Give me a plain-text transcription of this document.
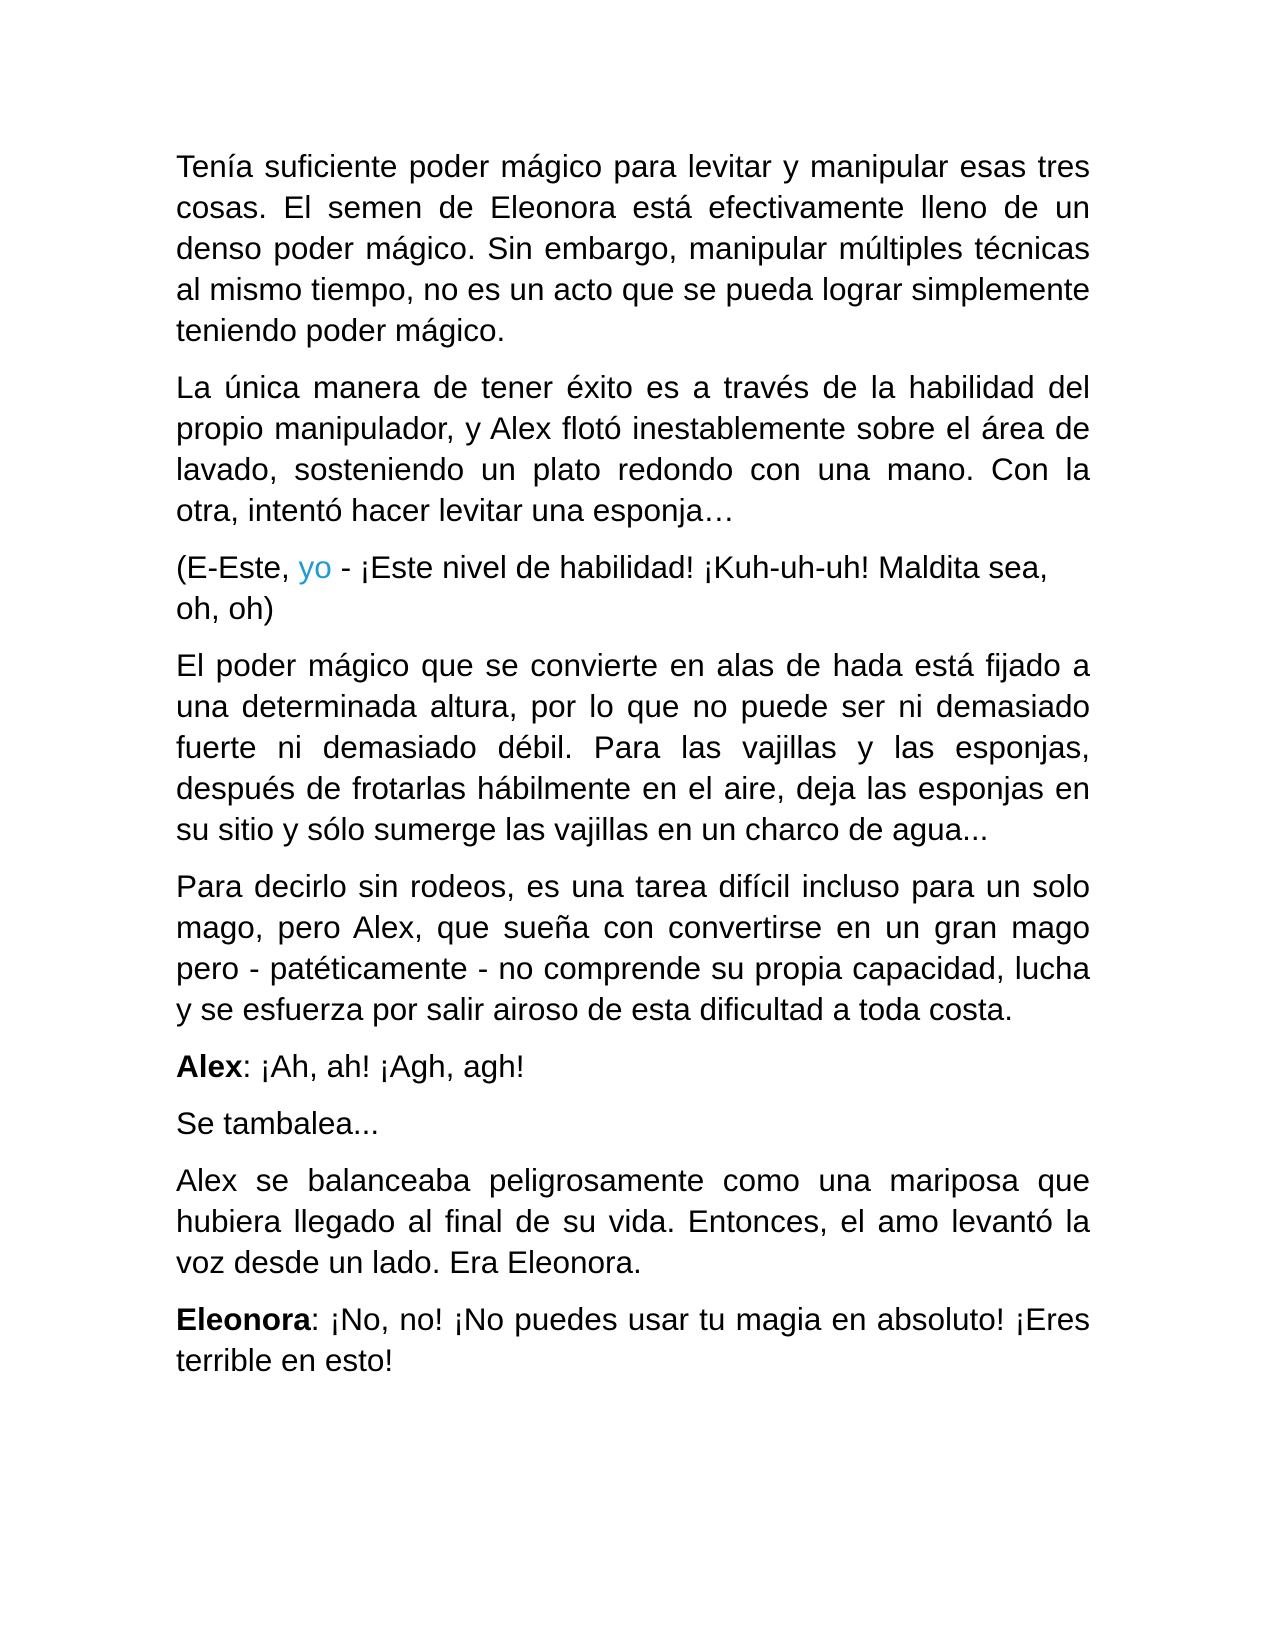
Tenía suficiente poder mágico para levitar y manipular esas tres cosas. El semen de Eleonora está efectivamente lleno de un denso poder mágico. Sin embargo, manipular múltiples técnicas al mismo tiempo, no es un acto que se pueda lograr simplemente teniendo poder mágico.

La única manera de tener éxito es a través de la habilidad del propio manipulador, y Alex flotó inestablemente sobre el área de lavado, sosteniendo un plato redondo con una mano. Con la otra, intentó hacer levitar una esponja…

(E-Este, yo - ¡Este nivel de habilidad! ¡Kuh-uh-uh! Maldita sea, oh, oh)

El poder mágico que se convierte en alas de hada está fijado a una determinada altura, por lo que no puede ser ni demasiado fuerte ni demasiado débil. Para las vajillas y las esponjas, después de frotarlas hábilmente en el aire, deja las esponjas en su sitio y sólo sumerge las vajillas en un charco de agua...

Para decirlo sin rodeos, es una tarea difícil incluso para un solo mago, pero Alex, que sueña con convertirse en un gran mago pero - patéticamente - no comprende su propia capacidad, lucha y se esfuerza por salir airoso de esta dificultad a toda costa.

Alex: ¡Ah, ah! ¡Agh, agh!

Se tambalea...

Alex se balanceaba peligrosamente como una mariposa que hubiera llegado al final de su vida. Entonces, el amo levantó la voz desde un lado. Era Eleonora.

Eleonora: ¡No, no! ¡No puedes usar tu magia en absoluto! ¡Eres terrible en esto!
